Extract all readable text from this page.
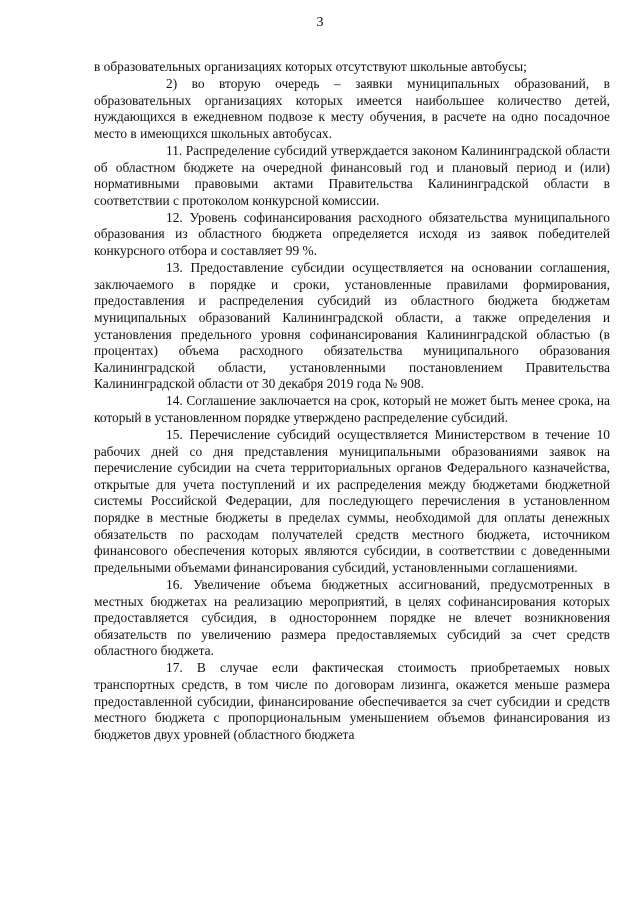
3

в образовательных организациях которых отсутствуют школьные автобусы;

2) во вторую очередь – заявки муниципальных образований, в образовательных организациях которых имеется наибольшее количество детей, нуждающихся в ежедневном подвозе к месту обучения, в расчете на одно посадочное место в имеющихся школьных автобусах.

11. Распределение субсидий утверждается законом Калининградской области об областном бюджете на очередной финансовый год и плановый период и (или) нормативными правовыми актами Правительства Калининградской области в соответствии с протоколом конкурсной комиссии.

12. Уровень софинансирования расходного обязательства муниципального образования из областного бюджета определяется исходя из заявок победителей конкурсного отбора и составляет 99 %.

13. Предоставление субсидии осуществляется на основании соглашения, заключаемого в порядке и сроки, установленные правилами формирования, предоставления и распределения субсидий из областного бюджета бюджетам муниципальных образований Калининградской области, а также определения и установления предельного уровня софинансирования Калининградской областью (в процентах) объема расходного обязательства муниципального образования Калининградской области, установленными постановлением Правительства Калининградской области от 30 декабря 2019 года № 908.

14. Соглашение заключается на срок, который не может быть менее срока, на который в установленном порядке утверждено распределение субсидий.

15. Перечисление субсидий осуществляется Министерством в течение 10 рабочих дней со дня представления муниципальными образованиями заявок на перечисление субсидии на счета территориальных органов Федерального казначейства, открытые для учета поступлений и их распределения между бюджетами бюджетной системы Российской Федерации, для последующего перечисления в установленном порядке в местные бюджеты в пределах суммы, необходимой для оплаты денежных обязательств по расходам получателей средств местного бюджета, источником финансового обеспечения которых являются субсидии, в соответствии с доведенными предельными объемами финансирования субсидий, установленными соглашениями.

16. Увеличение объема бюджетных ассигнований, предусмотренных в местных бюджетах на реализацию мероприятий, в целях софинансирования которых предоставляется субсидия, в одностороннем порядке не влечет возникновения обязательств по увеличению размера предоставляемых субсидий за счет средств областного бюджета.

17. В случае если фактическая стоимость приобретаемых новых транспортных средств, в том числе по договорам лизинга, окажется меньше размера предоставленной субсидии, финансирование обеспечивается за счет субсидии и средств местного бюджета с пропорциональным уменьшением объемов финансирования из бюджетов двух уровней (областного бюджета
